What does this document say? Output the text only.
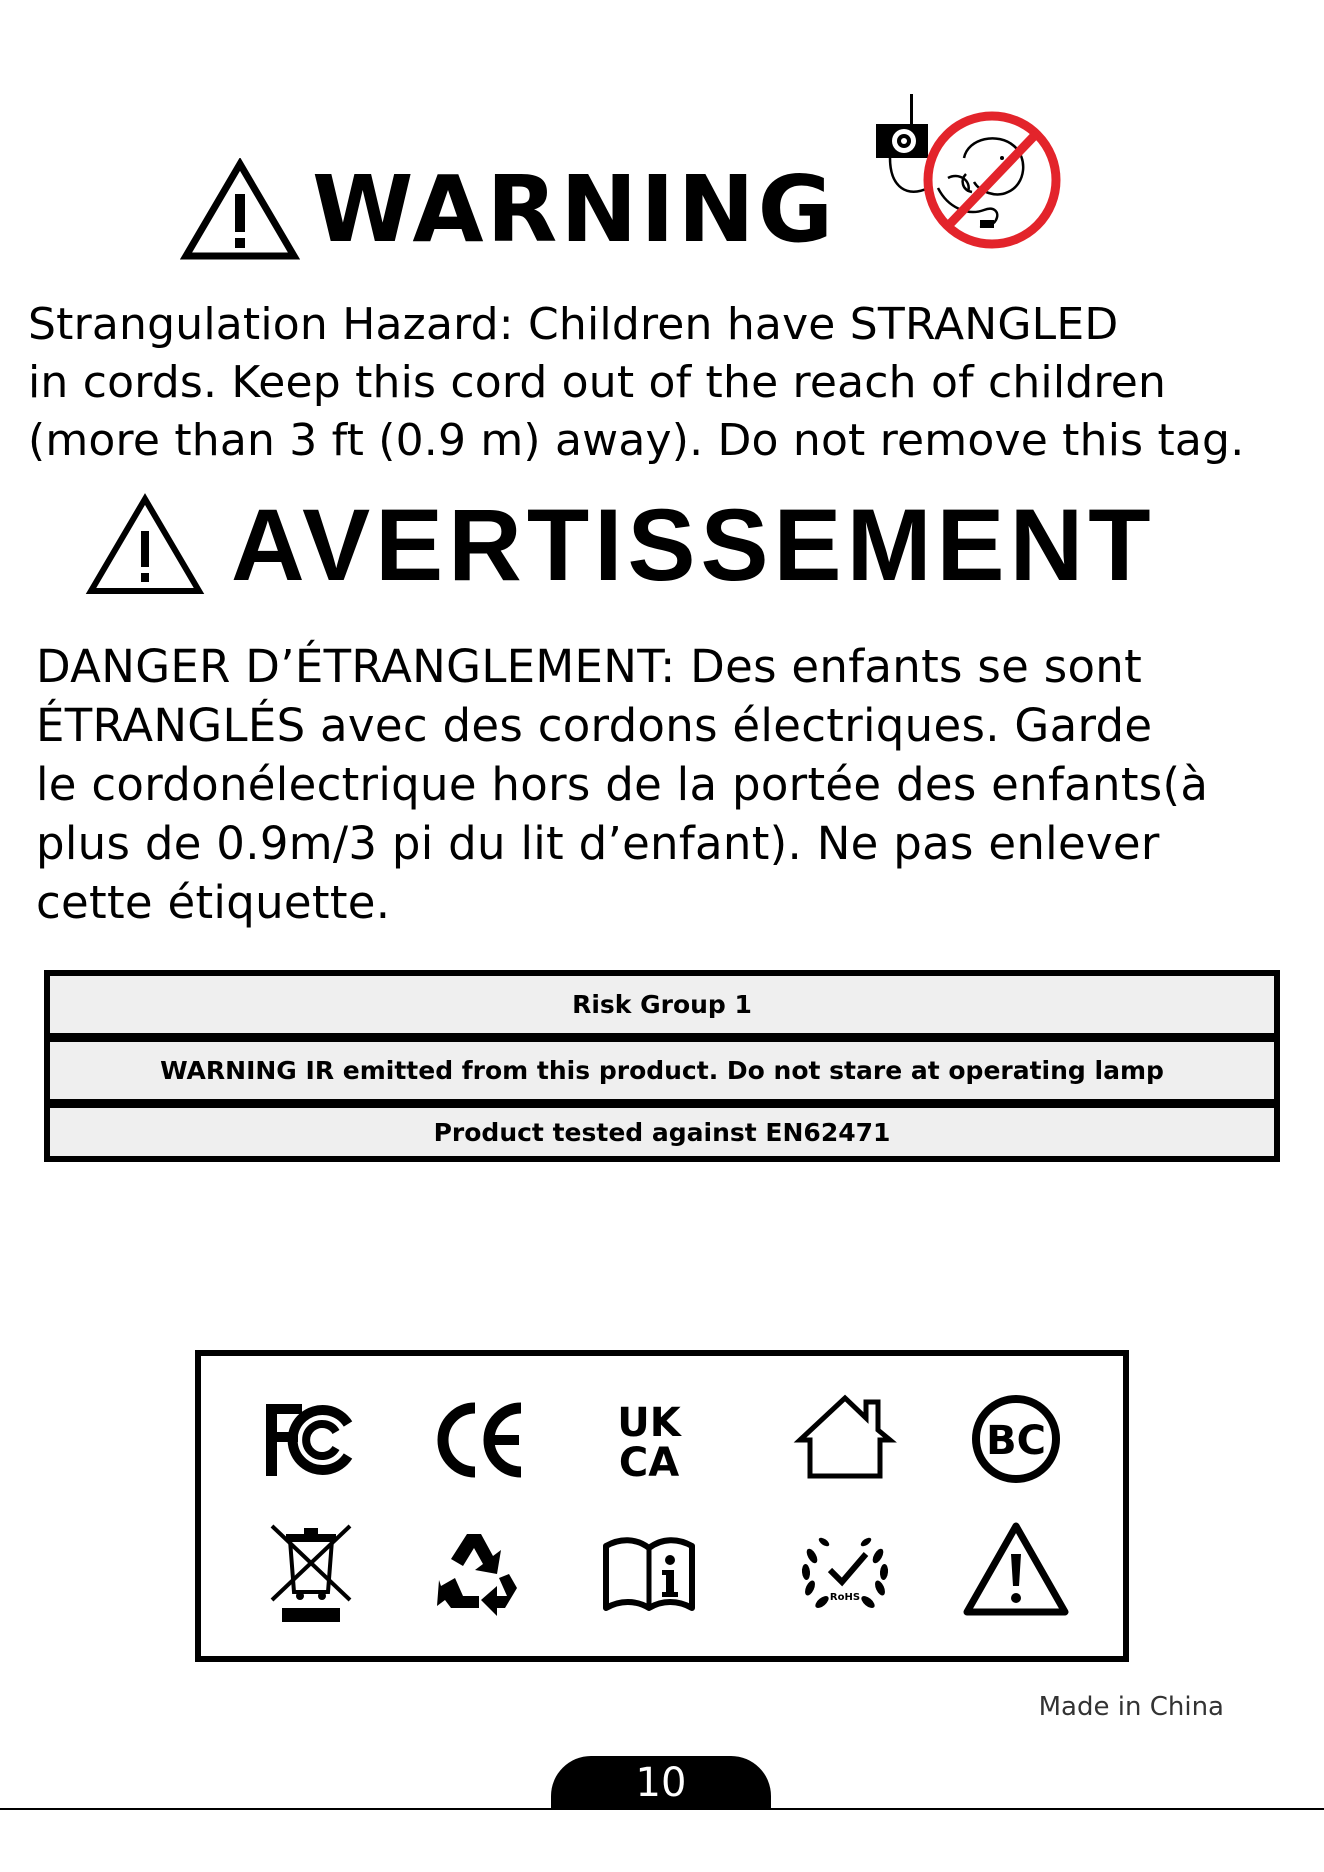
WARNING
Strangulation Hazard: Children have STRANGLED
in cords. Keep this cord out of the reach of children
(more than 3 ft (0.9 m) away). Do not remove this tag.
AVERTISSEMENT
DANGER D’ÉTRANGLEMENT: Des enfants se sont
ÉTRANGLÉS avec des cordons électriques. Garde
le cordonélectrique hors de la portée des enfants(à
plus de 0.9m/3 pi du lit d’enfant). Ne pas enlever
cette étiquette.
Risk Group 1
WARNING IR emitted from this product. Do not stare at operating lamp
Product tested against EN62471
UK
CA	BC
RoHS
Made in China
10
